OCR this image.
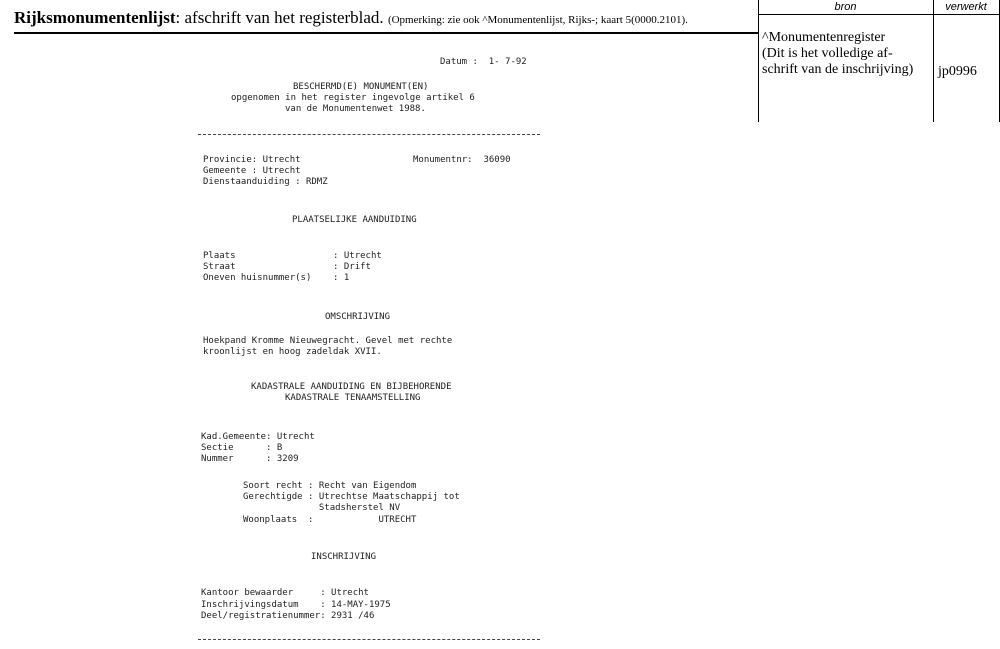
Rijksmonumentenlijst: afschrift van het registerblad. (Opmerking: zie ook ^Monumentenlijst, Rijks-; kaart 5(0000.2101).
bron	verwerkt
^Monumentenregister
(Dit is het volledige af-
schrift van de inschrijving)	jp0996
Datum :  1- 7-92
BESCHERMD(E) MONUMENT(EN)
opgenomen in het register ingevolge artikel 6
van de Monumentenwet 1988.
Provincie: Utrecht	Monumentnr:  36090
Gemeente : Utrecht
Dienstaanduiding : RDMZ
PLAATSELIJKE AANDUIDING
Plaats                  : Utrecht
Straat                  : Drift
Oneven huisnummer(s)    : 1
OMSCHRIJVING
Hoekpand Kromme Nieuwegracht. Gevel met rechte
kroonlijst en hoog zadeldak XVII.
KADASTRALE AANDUIDING EN BIJBEHORENDE
KADASTRALE TENAAMSTELLING
Kad.Gemeente: Utrecht
Sectie      : B
Nummer      : 3209
Soort recht : Recht van Eigendom
Gerechtigde : Utrechtse Maatschappij tot
Stadsherstel NV
Woonplaats  :            UTRECHT
INSCHRIJVING
Kantoor bewaarder     : Utrecht
Inschrijvingsdatum    : 14-MAY-1975
Deel/registratienummer: 2931 /46
